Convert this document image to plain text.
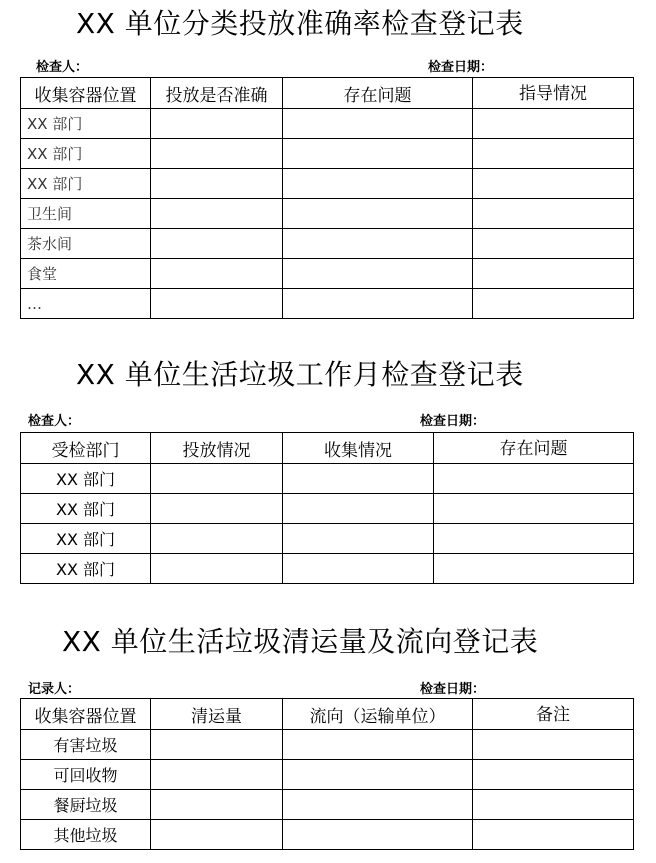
XX 单位分类投放准确率检查登记表
检查人：	检查日期：
收集容器位置	投放是否准确	存在问题	指导情况
XX 部门			
XX 部门			
XX 部门			
卫生间			
茶水间			
食堂			
…			
XX 单位生活垃圾工作月检查登记表
检查人：	检查日期：
受检部门	投放情况	收集情况	存在问题
XX 部门			
XX 部门			
XX 部门			
XX 部门			
XX 单位生活垃圾清运量及流向登记表
记录人：	检查日期：
收集容器位置	清运量	流向（运输单位）	备注
有害垃圾			
可回收物			
餐厨垃圾			
其他垃圾			
